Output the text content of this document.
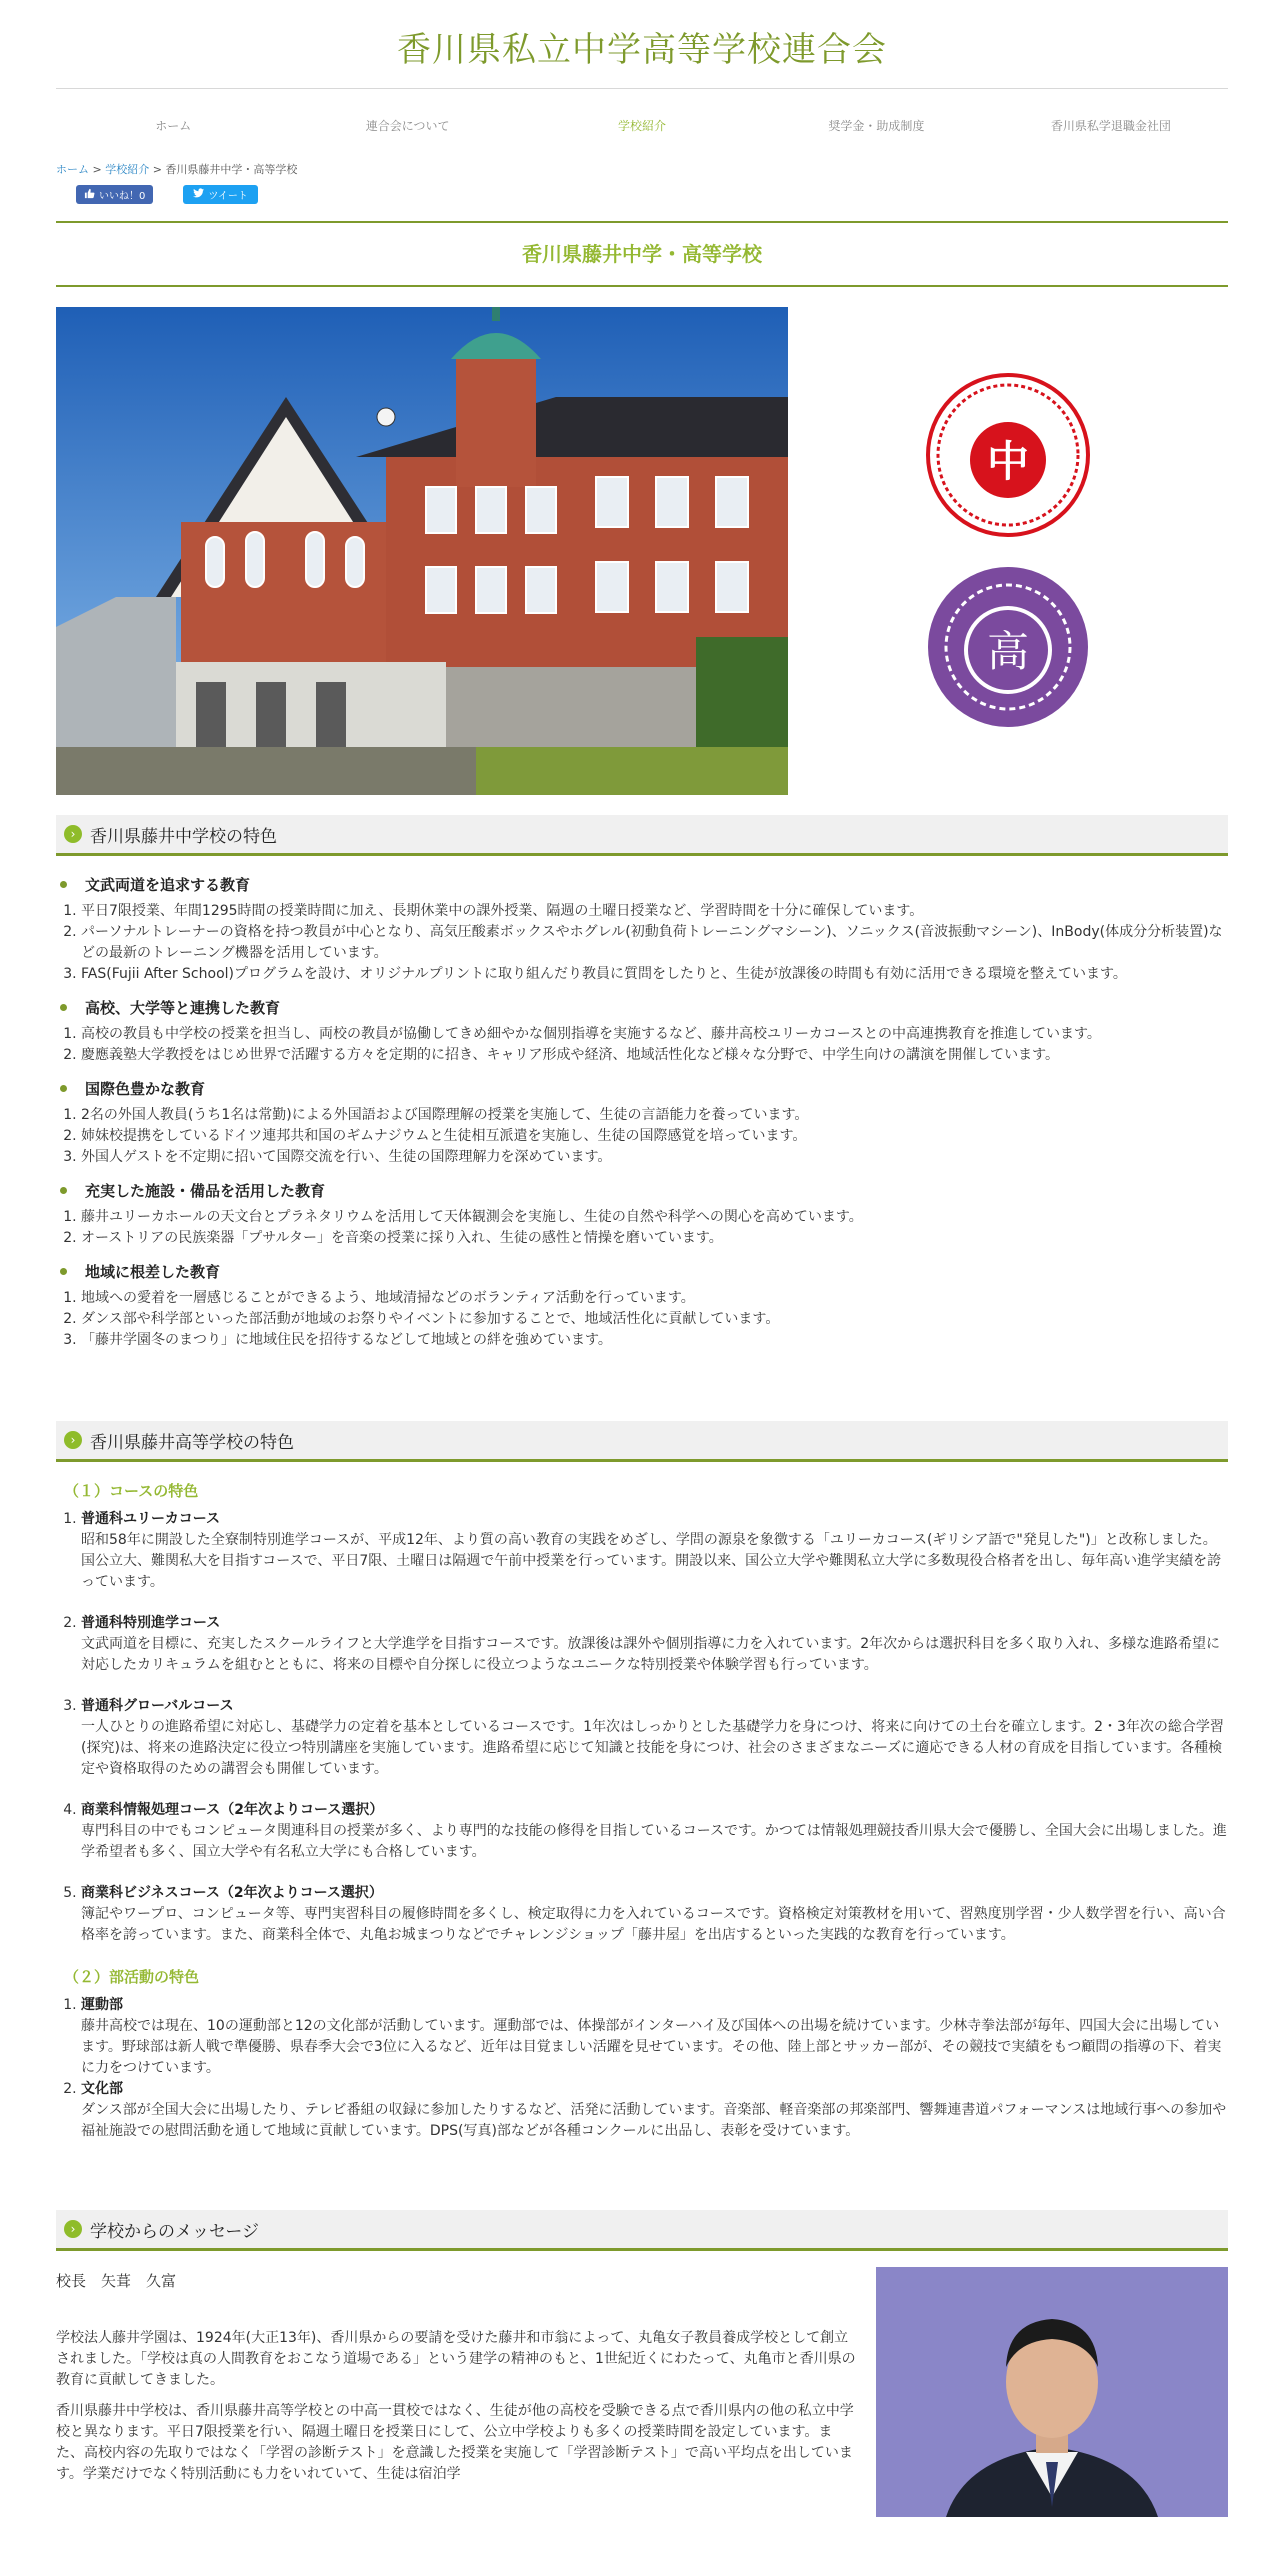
香川県私立中学高等学校連合会
ホーム	連合会について	学校紹介	奨学金・助成制度	香川県私学退職金社団
ホーム > 学校紹介 > 香川県藤井中学・高等学校
いいね！0	ツイート
香川県藤井中学・高等学校
中
高
› 香川県藤井中学校の特色
文武両道を追求する教育
1. 平日7限授業、年間1295時間の授業時間に加え、長期休業中の課外授業、隔週の土曜日授業など、学習時間を十分に確保しています。
2. パーソナルトレーナーの資格を持つ教員が中心となり、高気圧酸素ボックスやホグレル(初動負荷トレーニングマシーン)、ソニックス(音波振動マシーン)、InBody(体成分分析装置)などの最新のトレーニング機器を活用しています。
3. FAS(Fujii After School)プログラムを設け、オリジナルプリントに取り組んだり教員に質問をしたりと、生徒が放課後の時間も有効に活用できる環境を整えています。
高校、大学等と連携した教育
1. 高校の教員も中学校の授業を担当し、両校の教員が協働してきめ細やかな個別指導を実施するなど、藤井高校ユリーカコースとの中高連携教育を推進しています。
2. 慶應義塾大学教授をはじめ世界で活躍する方々を定期的に招き、キャリア形成や経済、地域活性化など様々な分野で、中学生向けの講演を開催しています。
国際色豊かな教育
1. 2名の外国人教員(うち1名は常勤)による外国語および国際理解の授業を実施して、生徒の言語能力を養っています。
2. 姉妹校提携をしているドイツ連邦共和国のギムナジウムと生徒相互派遣を実施し、生徒の国際感覚を培っています。
3. 外国人ゲストを不定期に招いて国際交流を行い、生徒の国際理解力を深めています。
充実した施設・備品を活用した教育
1. 藤井ユリーカホールの天文台とプラネタリウムを活用して天体観測会を実施し、生徒の自然や科学への関心を高めています。
2. オーストリアの民族楽器「プサルター」を音楽の授業に採り入れ、生徒の感性と情操を磨いています。
地域に根差した教育
1. 地域への愛着を一層感じることができるよう、地域清掃などのボランティア活動を行っています。
2. ダンス部や科学部といった部活動が地域のお祭りやイベントに参加することで、地域活性化に貢献しています。
3. 「藤井学園冬のまつり」に地域住民を招待するなどして地域との絆を強めています。
› 香川県藤井高等学校の特色
（１）コースの特色
1. 普通科ユリーカコース
昭和58年に開設した全寮制特別進学コースが、平成12年、より質の高い教育の実践をめざし、学問の源泉を象徴する「ユリーカコース(ギリシア語で"発見した")」と改称しました。国公立大、難関私大を目指すコースで、平日7限、土曜日は隔週で午前中授業を行っています。開設以来、国公立大学や難関私立大学に多数現役合格者を出し、毎年高い進学実績を誇っています。
2. 普通科特別進学コース
文武両道を目標に、充実したスクールライフと大学進学を目指すコースです。放課後は課外や個別指導に力を入れています。2年次からは選択科目を多く取り入れ、多様な進路希望に対応したカリキュラムを組むとともに、将来の目標や自分探しに役立つようなユニークな特別授業や体験学習も行っています。
3. 普通科グローバルコース
一人ひとりの進路希望に対応し、基礎学力の定着を基本としているコースです。1年次はしっかりとした基礎学力を身につけ、将来に向けての土台を確立します。2・3年次の総合学習(探究)は、将来の進路決定に役立つ特別講座を実施しています。進路希望に応じて知識と技能を身につけ、社会のさまざまなニーズに適応できる人材の育成を目指しています。各種検定や資格取得のための講習会も開催しています。
4. 商業科情報処理コース（2年次よりコース選択）
専門科目の中でもコンピュータ関連科目の授業が多く、より専門的な技能の修得を目指しているコースです。かつては情報処理競技香川県大会で優勝し、全国大会に出場しました。進学希望者も多く、国立大学や有名私立大学にも合格しています。
5. 商業科ビジネスコース（2年次よりコース選択）
簿記やワープロ、コンピュータ等、専門実習科目の履修時間を多くし、検定取得に力を入れているコースです。資格検定対策教材を用いて、習熟度別学習・少人数学習を行い、高い合格率を誇っています。また、商業科全体で、丸亀お城まつりなどでチャレンジショップ「藤井屋」を出店するといった実践的な教育を行っています。
（２）部活動の特色
1. 運動部
藤井高校では現在、10の運動部と12の文化部が活動しています。運動部では、体操部がインターハイ及び国体への出場を続けています。少林寺拳法部が毎年、四国大会に出場しています。野球部は新人戦で準優勝、県春季大会で3位に入るなど、近年は目覚ましい活躍を見せています。その他、陸上部とサッカー部が、その競技で実績をもつ顧問の指導の下、着実に力をつけています。
2. 文化部
ダンス部が全国大会に出場したり、テレビ番組の収録に参加したりするなど、活発に活動しています。音楽部、軽音楽部の邦楽部門、響舞連書道パフォーマンスは地域行事への参加や福祉施設での慰問活動を通して地域に貢献しています。DPS(写真)部などが各種コンクールに出品し、表彰を受けています。
› 学校からのメッセージ
校長　矢葺　久富

学校法人藤井学園は、1924年(大正13年)、香川県からの要請を受けた藤井和市翁によって、丸亀女子教員養成学校として創立されました。「学校は真の人間教育をおこなう道場である」という建学の精神のもと、1世紀近くにわたって、丸亀市と香川県の教育に貢献してきました。

香川県藤井中学校は、香川県藤井高等学校との中高一貫校ではなく、生徒が他の高校を受験できる点で香川県内の他の私立中学校と異なります。平日7限授業を行い、隔週土曜日を授業日にして、公立中学校よりも多くの授業時間を設定しています。また、高校内容の先取りではなく「学習の診断テスト」を意識した授業を実施して「学習診断テスト」で高い平均点を出しています。学業だけでなく特別活動にも力をいれていて、生徒は宿泊学
